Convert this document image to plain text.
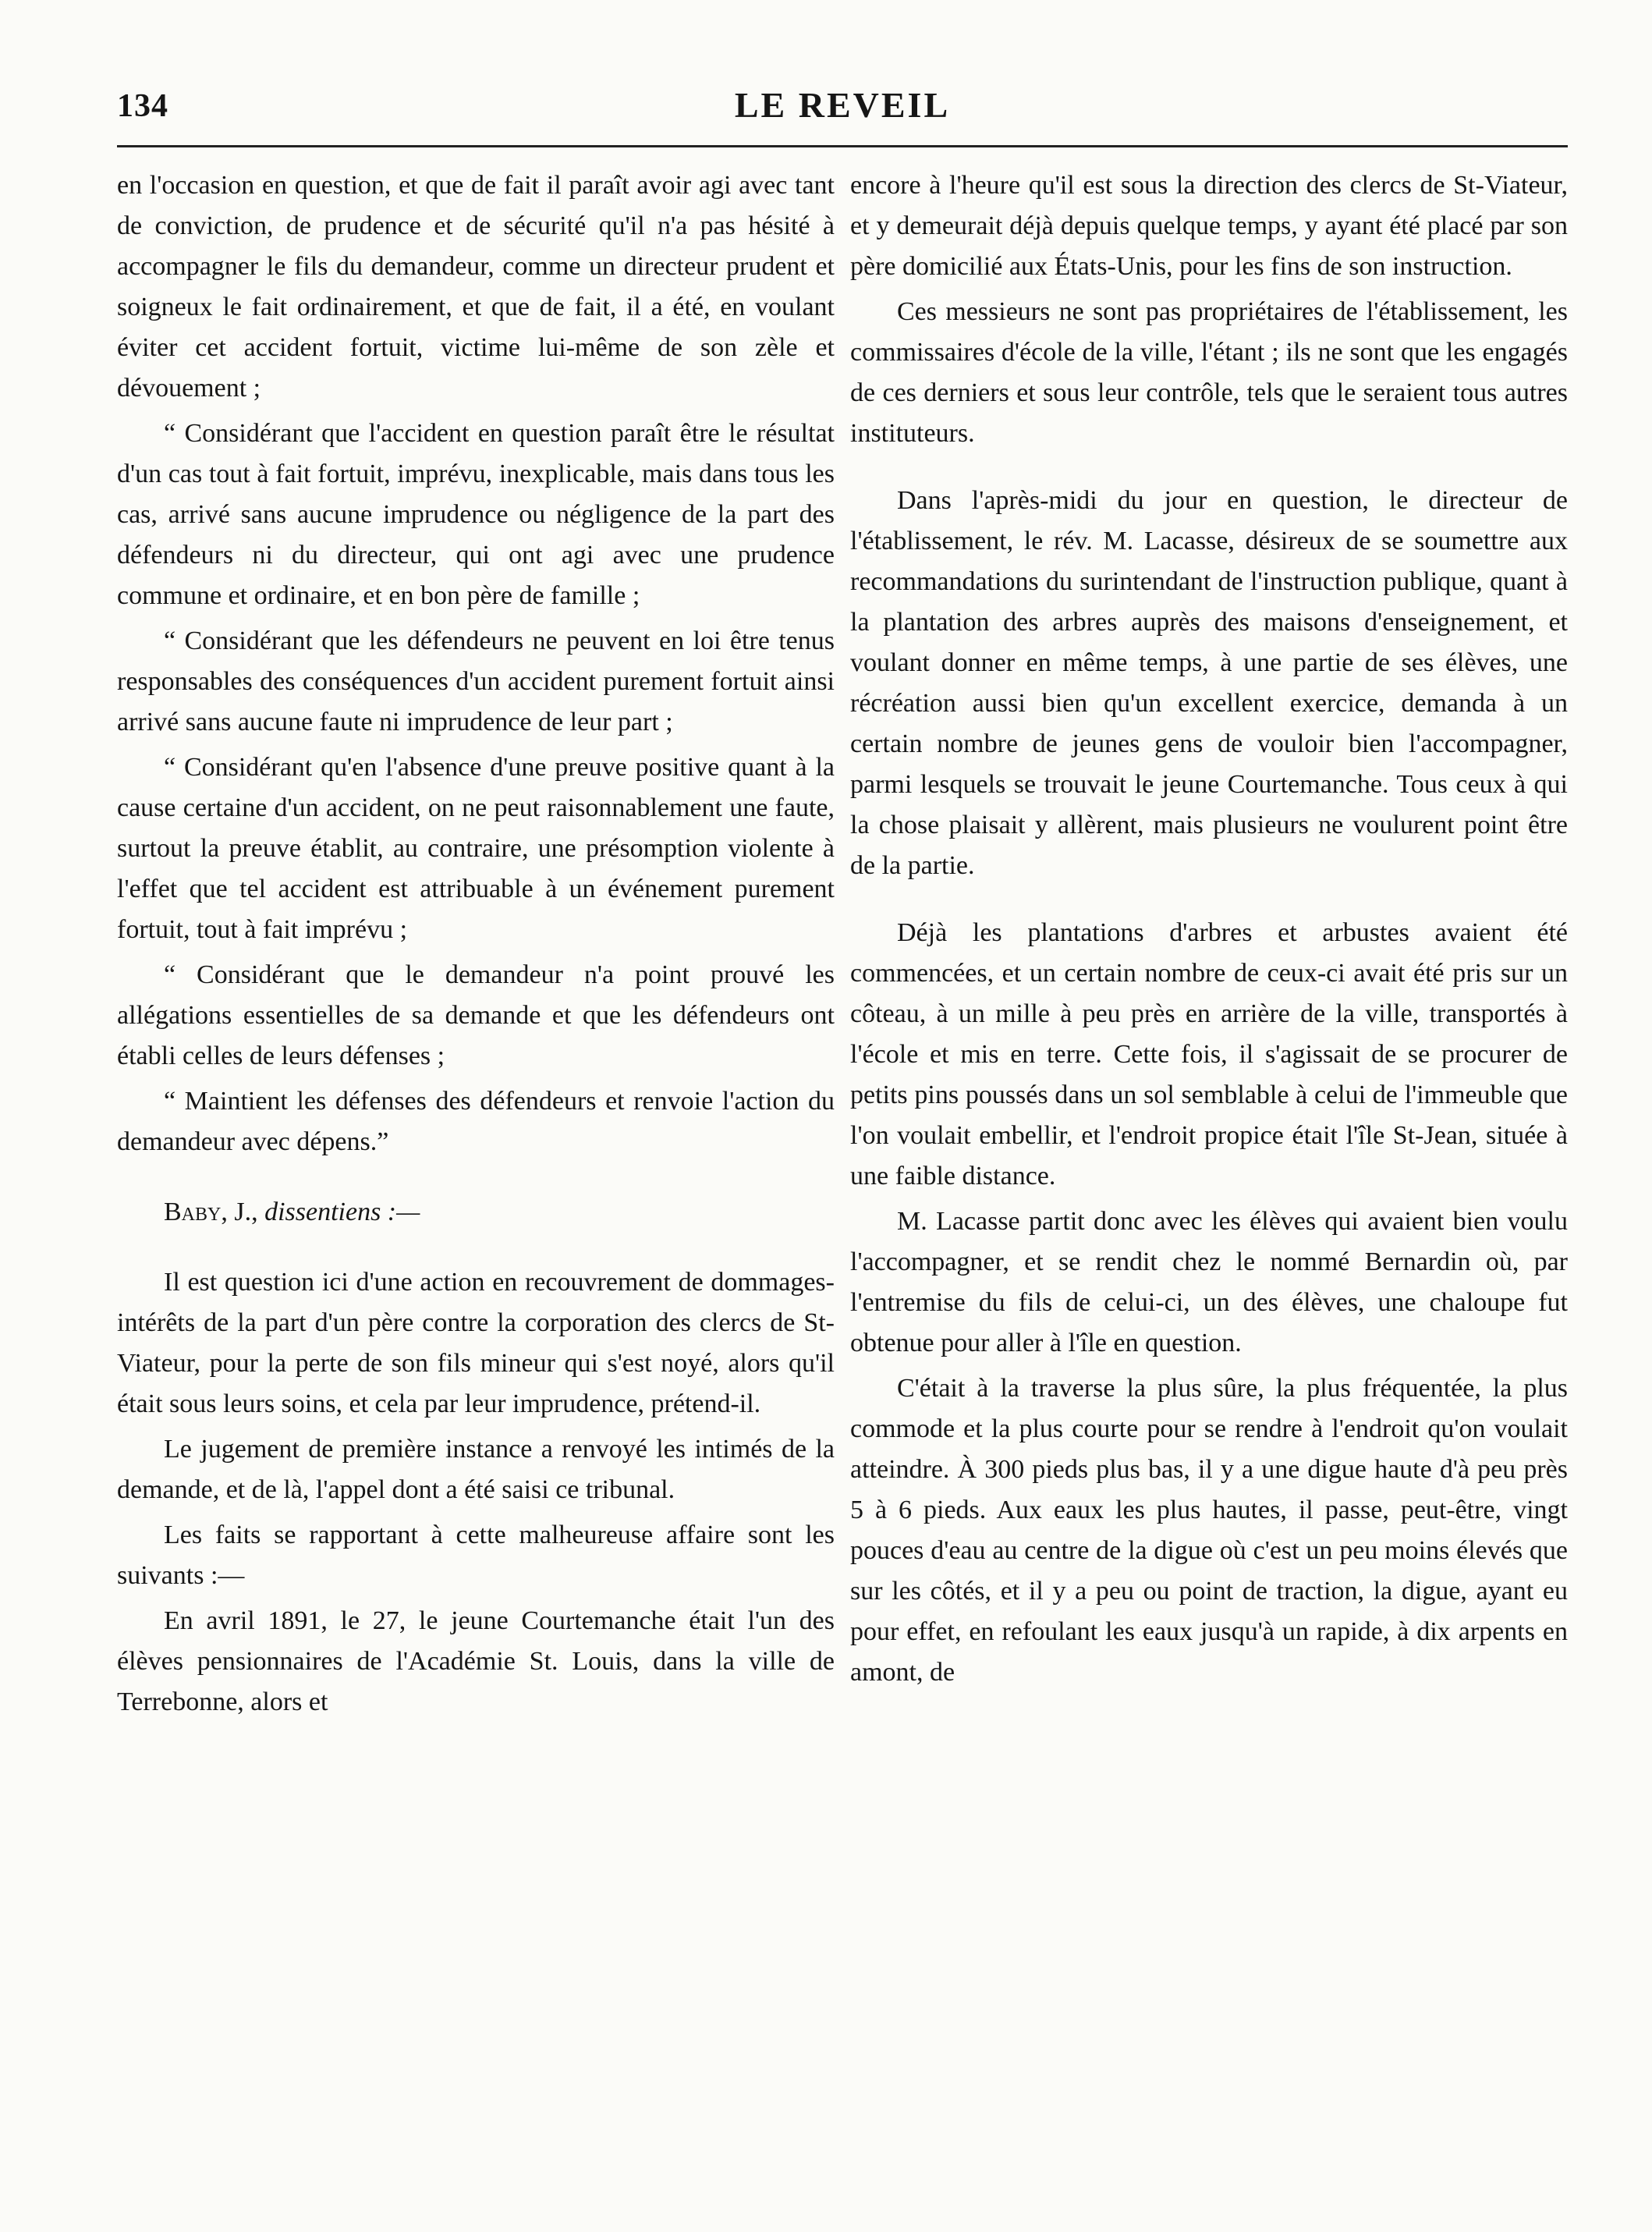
134	LE REVEIL

en l'occasion en question, et que de fait il paraît avoir agi avec tant de conviction, de prudence et de sécurité qu'il n'a pas hésité à accompagner le fils du demandeur, comme un directeur prudent et soigneux le fait ordinairement, et que de fait, il a été, en voulant éviter cet accident fortuit, victime lui-même de son zèle et dévouement ;

“ Considérant que l'accident en question paraît être le résultat d'un cas tout à fait fortuit, imprévu, inexplicable, mais dans tous les cas, arrivé sans aucune imprudence ou négligence de la part des défendeurs ni du directeur, qui ont agi avec une prudence commune et ordinaire, et en bon père de famille ;

“ Considérant que les défendeurs ne peuvent en loi être tenus responsables des conséquences d'un accident purement fortuit ainsi arrivé sans aucune faute ni imprudence de leur part ;

“ Considérant qu'en l'absence d'une preuve positive quant à la cause certaine d'un accident, on ne peut raisonnablement une faute, surtout la preuve établit, au contraire, une présomption violente à l'effet que tel accident est attribuable à un événement purement fortuit, tout à fait imprévu ;

“ Considérant que le demandeur n'a point prouvé les allégations essentielles de sa demande et que les défendeurs ont établi celles de leurs défenses ;

“ Maintient les défenses des défendeurs et renvoie l'action du demandeur avec dépens.”

Baby, J., dissentiens :—

Il est question ici d'une action en recouvrement de dommages-intérêts de la part d'un père contre la corporation des clercs de St-Viateur, pour la perte de son fils mineur qui s'est noyé, alors qu'il était sous leurs soins, et cela par leur imprudence, prétend-il.

Le jugement de première instance a renvoyé les intimés de la demande, et de là, l'appel dont a été saisi ce tribunal.

Les faits se rapportant à cette malheureuse affaire sont les suivants :—

En avril 1891, le 27, le jeune Courtemanche était l'un des élèves pensionnaires de l'Académie St. Louis, dans la ville de Terrebonne, alors et

encore à l'heure qu'il est sous la direction des clercs de St-Viateur, et y demeurait déjà depuis quelque temps, y ayant été placé par son père domicilié aux États-Unis, pour les fins de son instruction.

Ces messieurs ne sont pas propriétaires de l'établissement, les commissaires d'école de la ville, l'étant ; ils ne sont que les engagés de ces derniers et sous leur contrôle, tels que le seraient tous autres instituteurs.

Dans l'après-midi du jour en question, le directeur de l'établissement, le rév. M. Lacasse, désireux de se soumettre aux recommandations du surintendant de l'instruction publique, quant à la plantation des arbres auprès des maisons d'enseignement, et voulant donner en même temps, à une partie de ses élèves, une récréation aussi bien qu'un excellent exercice, demanda à un certain nombre de jeunes gens de vouloir bien l'accompagner, parmi lesquels se trouvait le jeune Courtemanche. Tous ceux à qui la chose plaisait y allèrent, mais plusieurs ne voulurent point être de la partie.

Déjà les plantations d'arbres et arbustes avaient été commencées, et un certain nombre de ceux-ci avait été pris sur un côteau, à un mille à peu près en arrière de la ville, transportés à l'école et mis en terre. Cette fois, il s'agissait de se procurer de petits pins poussés dans un sol semblable à celui de l'immeuble que l'on voulait embellir, et l'endroit propice était l'île St-Jean, située à une faible distance.

M. Lacasse partit donc avec les élèves qui avaient bien voulu l'accompagner, et se rendit chez le nommé Bernardin où, par l'entremise du fils de celui-ci, un des élèves, une chaloupe fut obtenue pour aller à l'île en question.

C'était à la traverse la plus sûre, la plus fréquentée, la plus commode et la plus courte pour se rendre à l'endroit qu'on voulait atteindre. À 300 pieds plus bas, il y a une digue haute d'à peu près 5 à 6 pieds. Aux eaux les plus hautes, il passe, peut-être, vingt pouces d'eau au centre de la digue où c'est un peu moins élevés que sur les côtés, et il y a peu ou point de traction, la digue, ayant eu pour effet, en refoulant les eaux jusqu'à un rapide, à dix arpents en amont, de
